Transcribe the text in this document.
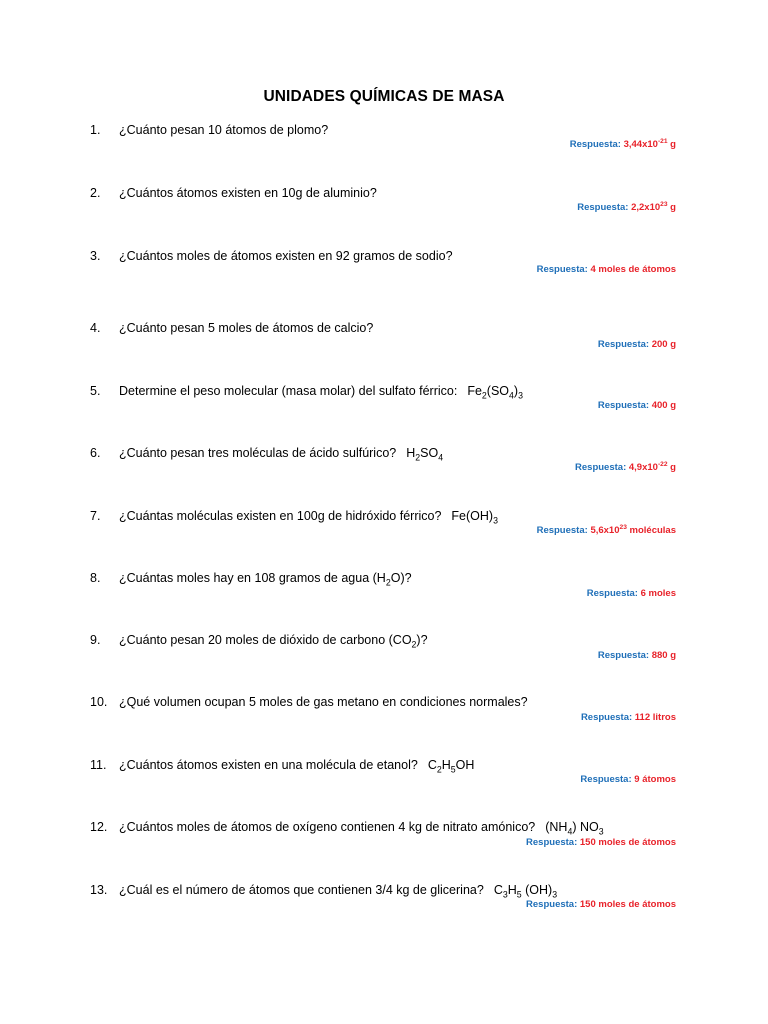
UNIDADES QUÍMICAS DE MASA
1. ¿Cuánto pesan 10 átomos de plomo?
Respuesta: $3,44x10^{-21}$ g
2. ¿Cuántos átomos existen en 10g de aluminio?
Respuesta: $2,2x10^{23}$ g
3. ¿Cuántos moles de átomos existen en 92 gramos de sodio?
Respuesta: 4 moles de átomos
4. ¿Cuánto pesan 5 moles de átomos de calcio?
Respuesta: 200 g
5. Determine el peso molecular (masa molar) del sulfato férrico: $Fe_2(SO_4)_3$
Respuesta: 400 g
6. ¿Cuánto pesan tres moléculas de ácido sulfúrico? $H_2SO_4$
Respuesta: $4,9x10^{-22}$ g
7. ¿Cuántas moléculas existen en 100g de hidróxido férrico? $Fe(OH)_3$
Respuesta: $5,6x10^{23}$ moléculas
8. ¿Cuántas moles hay en 108 gramos de agua $(H_2O)$?
Respuesta: 6 moles
9. ¿Cuánto pesan 20 moles de dióxido de carbono $(CO_2)$?
Respuesta: 880 g
10. ¿Qué volumen ocupan 5 moles de gas metano en condiciones normales?
Respuesta: 112 litros
11. ¿Cuántos átomos existen en una molécula de etanol? $C_2H_5OH$
Respuesta: 9 átomos
12. ¿Cuántos moles de átomos de oxígeno contienen 4 kg de nitrato amónico? $(NH_4)$ $NO_3$
Respuesta: 150 moles de átomos
13. ¿Cuál es el número de átomos que contienen 3/4 kg de glicerina? $C_3H_5$ $(OH)_3$
Respuesta: 150 moles de átomos
